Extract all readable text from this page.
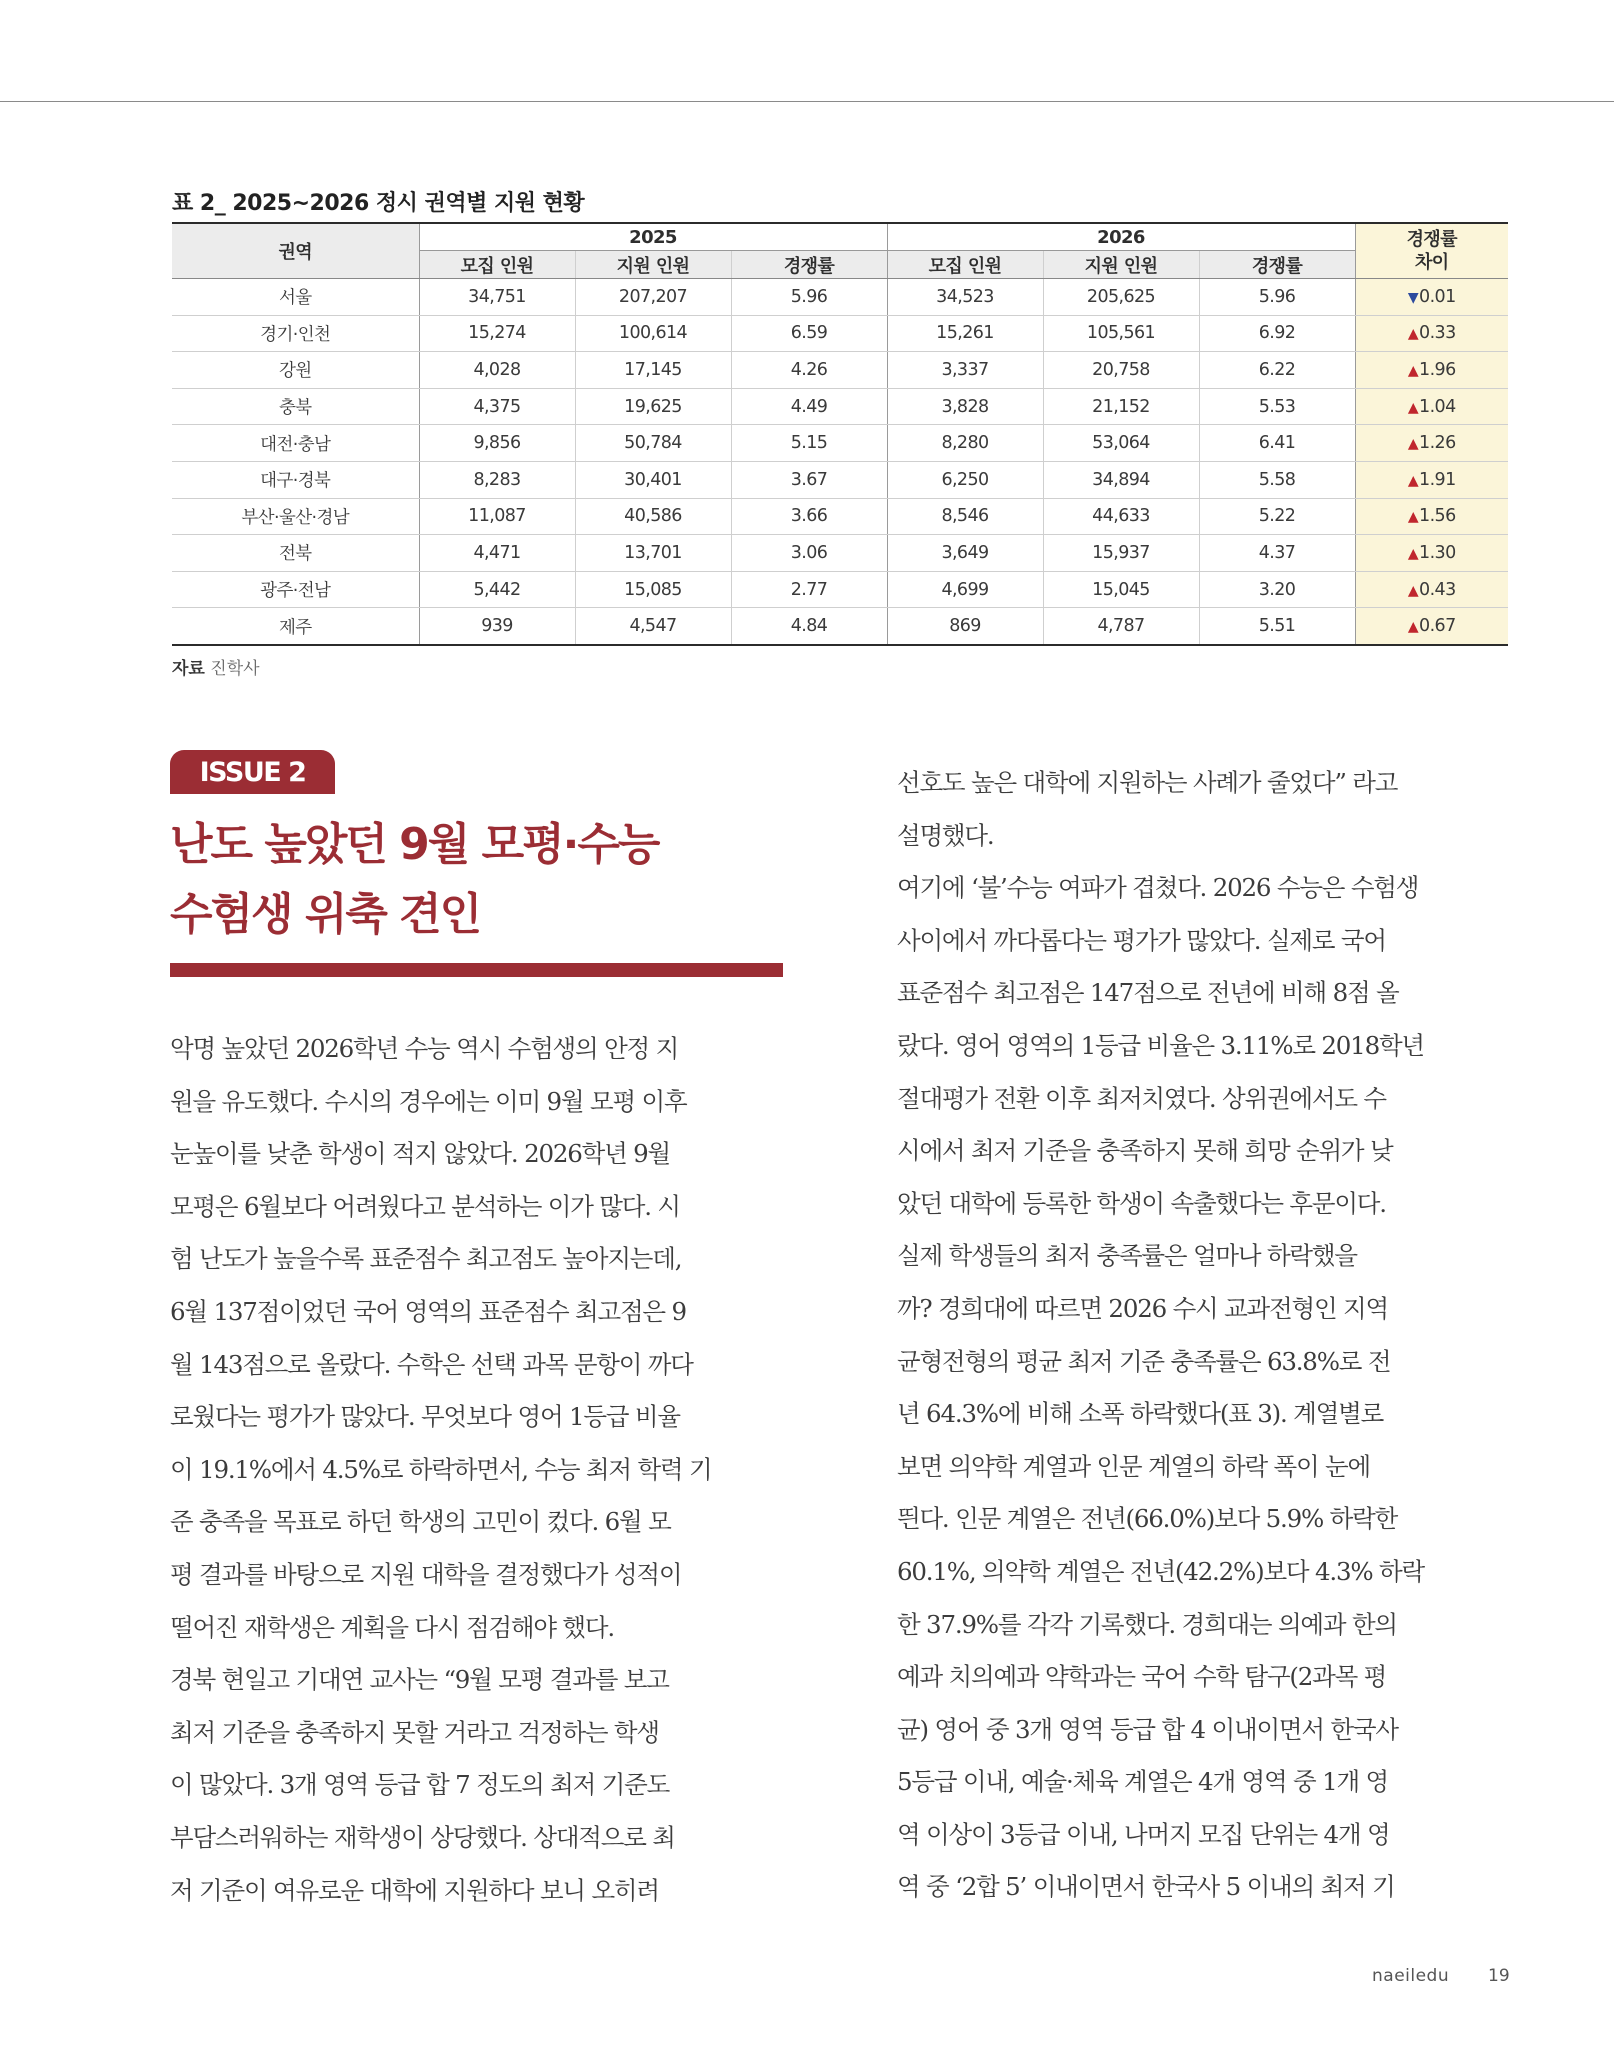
표 2_ 2025~2026 정시 권역별 지원 현황
권역	2025			2026			경쟁률
차이
	모집 인원	지원 인원	경쟁률	모집 인원	지원 인원	경쟁률	
서울	34,751	207,207	5.96	34,523	205,625	5.96	▼0.01
경기·인천	15,274	100,614	6.59	15,261	105,561	6.92	▲0.33
강원	4,028	17,145	4.26	3,337	20,758	6.22	▲1.96
충북	4,375	19,625	4.49	3,828	21,152	5.53	▲1.04
대전·충남	9,856	50,784	5.15	8,280	53,064	6.41	▲1.26
대구·경북	8,283	30,401	3.67	6,250	34,894	5.58	▲1.91
부산·울산·경남	11,087	40,586	3.66	8,546	44,633	5.22	▲1.56
전북	4,471	13,701	3.06	3,649	15,937	4.37	▲1.30
광주·전남	5,442	15,085	2.77	4,699	15,045	3.20	▲0.43
제주	939	4,547	4.84	869	4,787	5.51	▲0.67
자료 진학사
ISSUE 2
난도 높았던 9월 모평·수능
수험생 위축 견인
악명 높았던 2026학년 수능 역시 수험생의 안정 지
원을 유도했다. 수시의 경우에는 이미 9월 모평 이후
눈높이를 낮춘 학생이 적지 않았다. 2026학년 9월
모평은 6월보다 어려웠다고 분석하는 이가 많다. 시
험 난도가 높을수록 표준점수 최고점도 높아지는데,
6월 137점이었던 국어 영역의 표준점수 최고점은 9
월 143점으로 올랐다. 수학은 선택 과목 문항이 까다
로웠다는 평가가 많았다. 무엇보다 영어 1등급 비율
이 19.1%에서 4.5%로 하락하면서, 수능 최저 학력 기
준 충족을 목표로 하던 학생의 고민이 컸다. 6월 모
평 결과를 바탕으로 지원 대학을 결정했다가 성적이
떨어진 재학생은 계획을 다시 점검해야 했다.
경북 현일고 기대연 교사는 “9월 모평 결과를 보고
최저 기준을 충족하지 못할 거라고 걱정하는 학생
이 많았다. 3개 영역 등급 합 7 정도의 최저 기준도
부담스러워하는 재학생이 상당했다. 상대적으로 최
저 기준이 여유로운 대학에 지원하다 보니 오히려
선호도 높은 대학에 지원하는 사례가 줄었다” 라고
설명했다.
여기에 ‘불’수능 여파가 겹쳤다. 2026 수능은 수험생
사이에서 까다롭다는 평가가 많았다. 실제로 국어
표준점수 최고점은 147점으로 전년에 비해 8점 올
랐다. 영어 영역의 1등급 비율은 3.11%로 2018학년
절대평가 전환 이후 최저치였다. 상위권에서도 수
시에서 최저 기준을 충족하지 못해 희망 순위가 낮
았던 대학에 등록한 학생이 속출했다는 후문이다.
실제 학생들의 최저 충족률은 얼마나 하락했을
까? 경희대에 따르면 2026 수시 교과전형인 지역
균형전형의 평균 최저 기준 충족률은 63.8%로 전
년 64.3%에 비해 소폭 하락했다(표 3). 계열별로
보면 의약학 계열과 인문 계열의 하락 폭이 눈에
띈다. 인문 계열은 전년(66.0%)보다 5.9% 하락한
60.1%, 의약학 계열은 전년(42.2%)보다 4.3% 하락
한 37.9%를 각각 기록했다. 경희대는 의예과 한의
예과 치의예과 약학과는 국어 수학 탐구(2과목 평
균) 영어 중 3개 영역 등급 합 4 이내이면서 한국사
5등급 이내, 예술·체육 계열은 4개 영역 중 1개 영
역 이상이 3등급 이내, 나머지 모집 단위는 4개 영
역 중 ‘2합 5’ 이내이면서 한국사 5 이내의 최저 기
naeiledu 19
